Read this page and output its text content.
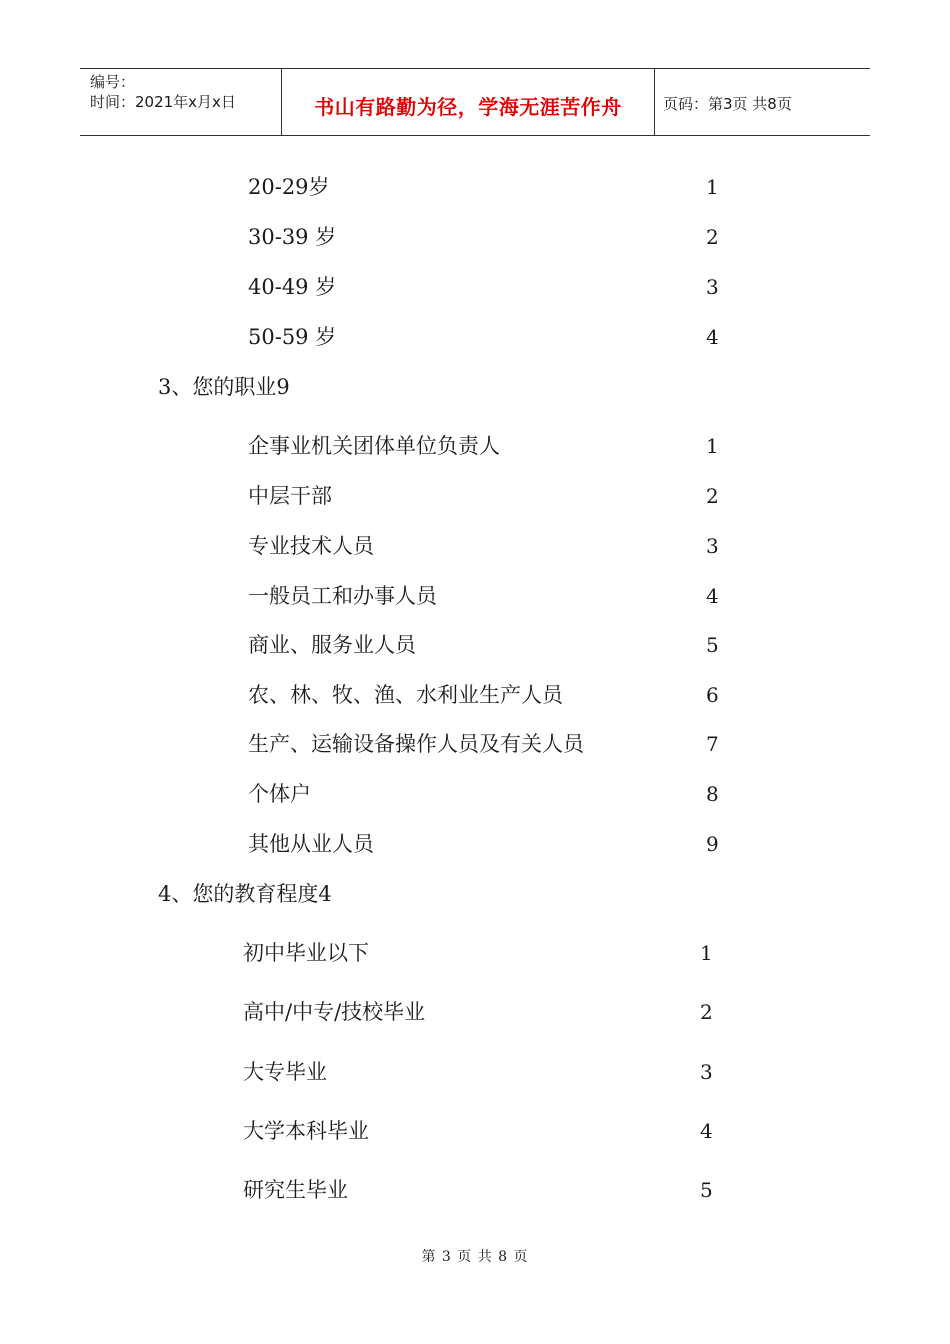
编号：
时间：2021年x月x日	书山有路勤为径，学海无涯苦作舟	页码：第3页 共8页
20-29岁	1
30-39 岁	2
40-49 岁	3
50-59 岁	4
3、您的职业9
企事业机关团体单位负责人	1
中层干部	2
专业技术人员	3
一般员工和办事人员	4
商业、服务业人员	5
农、林、牧、渔、水利业生产人员	6
生产、运输设备操作人员及有关人员	7
个体户	8
其他从业人员	9
4、您的教育程度4
初中毕业以下	1
高中/中专/技校毕业	2
大专毕业	3
大学本科毕业	4
研究生毕业	5
第 3 页 共 8 页
